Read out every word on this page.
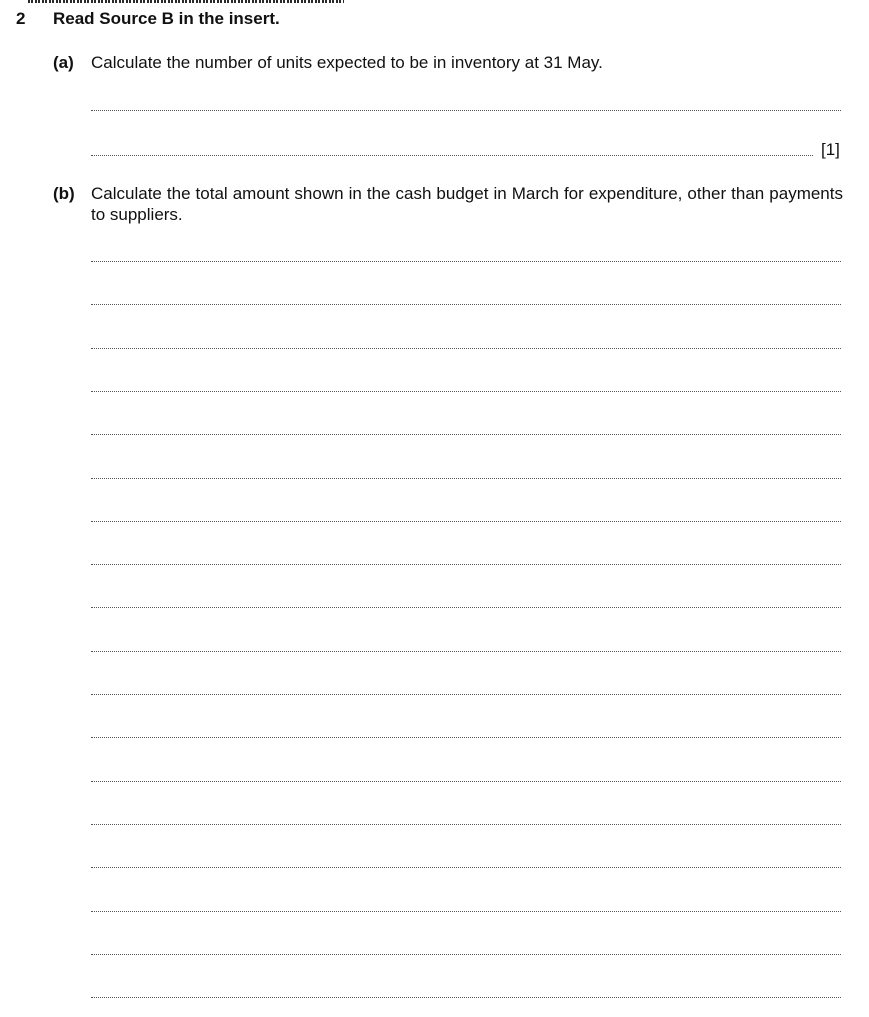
2 Read Source B in the insert.
(a) Calculate the number of units expected to be in inventory at 31 May.
[1]
(b) Calculate the total amount shown in the cash budget in March for expenditure, other than payments to suppliers.
